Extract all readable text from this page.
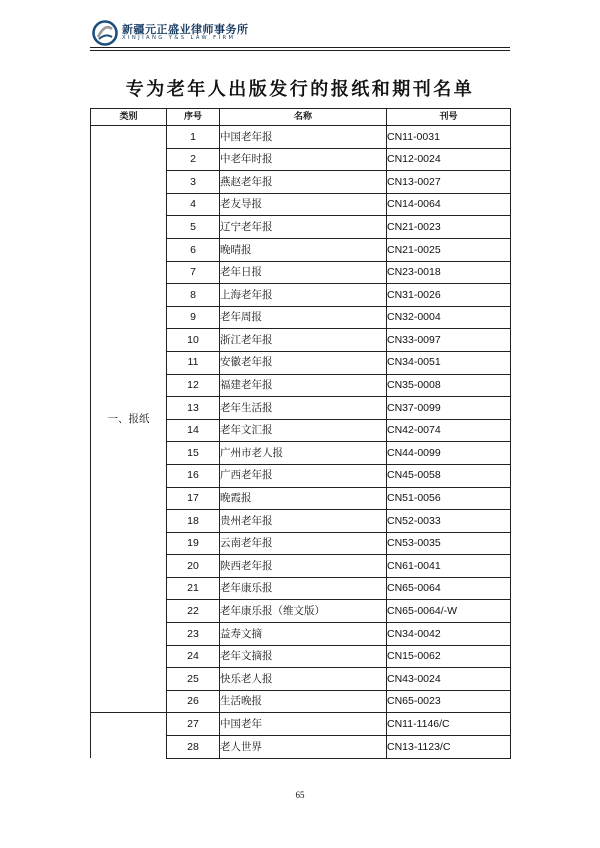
新疆元正盛业律师事务所
XINJIANG Y&S LAW FIRM
专为老年人出版发行的报纸和期刊名单
类别	序号	名称	刊号
一、报纸	1	中国老年报	CN11-0031
	2	中老年时报	CN12-0024
	3	燕赵老年报	CN13-0027
	4	老友导报	CN14-0064
	5	辽宁老年报	CN21-0023
	6	晚晴报	CN21-0025
	7	老年日报	CN23-0018
	8	上海老年报	CN31-0026
	9	老年周报	CN32-0004
	10	浙江老年报	CN33-0097
	11	安徽老年报	CN34-0051
	12	福建老年报	CN35-0008
	13	老年生活报	CN37-0099
	14	老年文汇报	CN42-0074
	15	广州市老人报	CN44-0099
	16	广西老年报	CN45-0058
	17	晚霞报	CN51-0056
	18	贵州老年报	CN52-0033
	19	云南老年报	CN53-0035
	20	陕西老年报	CN61-0041
	21	老年康乐报	CN65-0064
	22	老年康乐报（维文版）	CN65-0064/-W
	23	益寿文摘	CN34-0042
	24	老年文摘报	CN15-0062
	25	快乐老人报	CN43-0024
	26	生活晚报	CN65-0023
	27	中国老年	CN11-1146/C
	28	老人世界	CN13-1123/C
65
